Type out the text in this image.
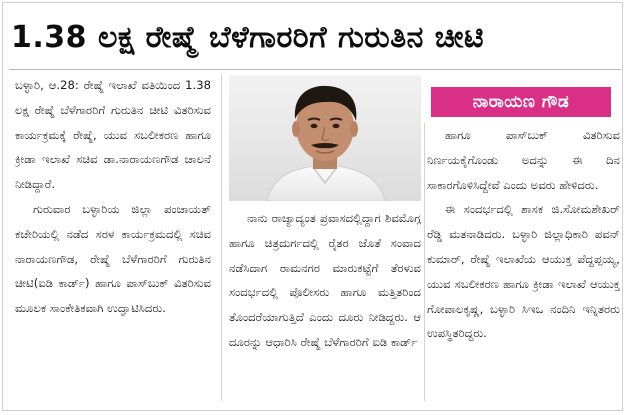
1.38 ಲಕ್ಷ ರೇಷ್ಮೆ ಬೆಳೆಗಾರರಿಗೆ ಗುರುತಿನ ಚೀಟಿ

ಬಳ್ಳಾರಿ, ಆ.28: ರೇಷ್ಮೆ ಇಲಾಖೆ ವತಿಯಿಂದ 1.38 ಲಕ್ಷ ರೇಷ್ಮೆ ಬೆಳೆಗಾರರಿಗೆ ಗುರುತಿನ ಚೀಟಿ ವಿತರಿಸುವ ಕಾರ್ಯಕ್ರಮಕ್ಕೆ ರೇಷ್ಮೆ, ಯುವ ಸಬಲೀಕರಣ ಹಾಗೂ ಕ್ರೀಡಾ ಇಲಾಖೆ ಸಚಿವ ಡಾ.ನಾರಾಯಣಗೌಡ ಚಾಲನೆ ನೀಡಿದ್ದಾರೆ.

ಗುರುವಾರ ಬಳ್ಳಾರಿಯ ಜಿಲ್ಲಾ ಪಂಚಾಯತ್ ಕಚೇರಿಯಲ್ಲಿ ನಡೆದ ಸರಳ ಕಾರ್ಯಕ್ರಮದಲ್ಲಿ ಸಚಿವ ನಾರಾಯಣಗೌಡ, ರೇಷ್ಮೆ ಬೆಳೆಗಾರರಿಗೆ ಗುರುತಿನ ಚೀಟಿ(ಐಡಿ ಕಾರ್ಡ್) ಹಾಗೂ ಪಾಸ್‌ಬುಕ್ ವಿತರಿಸುವ ಮೂಲಕ ಸಾಂಕೇತಿಕವಾಗಿ ಉದ್ಘಾಟಿಸಿದರು.

ನಾನು ರಾಜ್ಯಾದ್ಯಂತ ಪ್ರವಾಸದಲ್ಲಿದ್ದಾಗ ಶಿವಮೊಗ್ಗ ಹಾಗೂ ಚಿತ್ರದುರ್ಗದಲ್ಲಿ ರೈತರ ಜೊತೆ ಸಂವಾದ ನಡೆಸಿದಾಗ ರಾಮನಗರ ಮಾರುಕಟ್ಟೆಗೆ ತೆರಳುವ ಸಂದರ್ಭದಲ್ಲಿ ಪೊಲೀಸರು ಹಾಗೂ ಮತ್ತಿತರಿಂದ ತೊಂದರೆಯಾಗುತ್ತಿದೆ ಎಂದು ದೂರು ನೀಡಿದ್ದರು. ಆ ದೂರನ್ನು ಆಧಾರಿಸಿ ರೇಷ್ಮೆ ಬೆಳೆಗಾರರಿಗೆ ಐಡಿ ಕಾರ್ಡ್

ನಾರಾಯಣ ಗೌಡ

ಹಾಗೂ ಪಾಸ್‌ಬುಕ್ ವಿತರಿಸುವ ನಿರ್ಣಯಕೈಗೊಂಡು ಅದನ್ನು ಈ ದಿನ ಸಾಕಾರಗೊಳಿಸಿದ್ದೇವೆ ಎಂದು ಅವರು ಹೇಳಿದರು.

ಈ ಸಂದರ್ಭದಲ್ಲಿ ಶಾಸಕ ಜಿ.ಸೋಮಶೇಖರ್ ರೆಡ್ಡಿ ಮತನಾಡಿದರು. ಬಳ್ಳಾರಿ ಜಿಲ್ಲಾಧಿಕಾರಿ ಪವನ್ ಕುಮಾರ್, ರೇಷ್ಮೆ ಇಲಾಖೆಯ ಆಯುಕ್ತ ಪೆದ್ದಪ್ಪಯ್ಯ, ಯುವ ಸಬಲೀಕರಣ ಹಾಗೂ ಕ್ರೀಡಾ ಇಲಾಖೆ ಆಯುಕ್ತ ಗೋಪಾಲಕೃಷ್ಣ, ಬಳ್ಳಾರಿ ಸಿಇಒ ನಂದಿನಿ ಇನ್ನಿತರರು ಉಪಸ್ಥಿತರಿದ್ದರು.
